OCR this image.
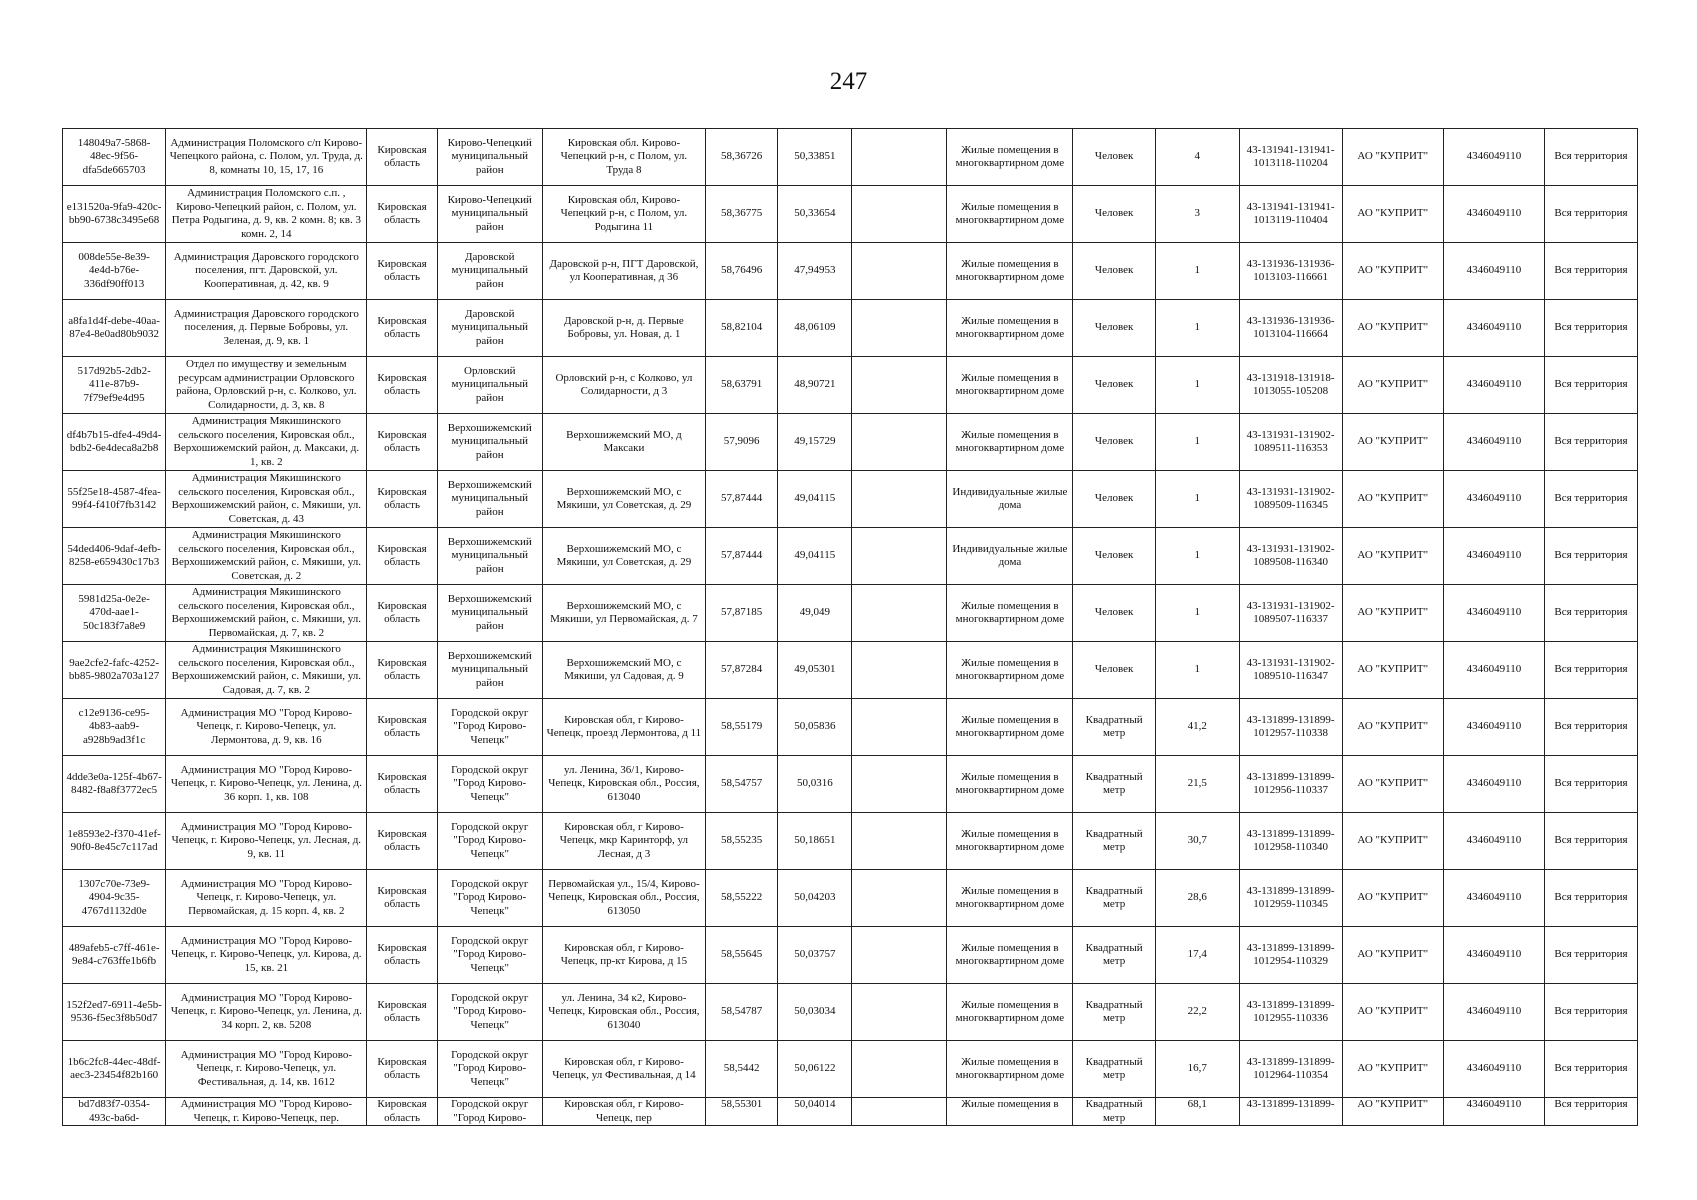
247
148049a7-5868-48ec-9f56-dfa5de665703	Администрация Поломского с/п Кирово-Чепецкого района, с. Полом, ул. Труда, д. 8, комнаты 10, 15, 17, 16	Кировская область	Кирово-Чепецкий муниципальный район	Кировская обл. Кирово-Чепецкий р-н, с Полом, ул. Труда 8	58,36726	50,33851		Жилые помещения в многоквартирном доме	Человек	4	43-131941-131941-1013118-110204	АО "КУПРИТ"	4346049110	Вся территория
e131520a-9fa9-420c-bb90-6738c3495e68	Администрация Поломского с.п. , Кирово-Чепецкий район, с. Полом, ул. Петра Родыгина, д. 9, кв. 2 комн. 8; кв. 3 комн. 2, 14	Кировская область	Кирово-Чепецкий муниципальный район	Кировская обл, Кирово-Чепецкий р-н, с Полом, ул. Родыгина 11	58,36775	50,33654		Жилые помещения в многоквартирном доме	Человек	3	43-131941-131941-1013119-110404	АО "КУПРИТ"	4346049110	Вся территория
008de55e-8e39-4e4d-b76e-336df90ff013	Администрация Даровского городского поселения, пгт. Даровской, ул. Кооперативная, д. 42, кв. 9	Кировская область	Даровской муниципальный район	Даровской р-н, ПГТ Даровской, ул Кооперативная, д 36	58,76496	47,94953		Жилые помещения в многоквартирном доме	Человек	1	43-131936-131936-1013103-116661	АО "КУПРИТ"	4346049110	Вся территория
a8fa1d4f-debe-40aa-87e4-8e0ad80b9032	Администрация Даровского городского поселения, д. Первые Бобровы, ул. Зеленая, д. 9, кв. 1	Кировская область	Даровской муниципальный район	Даровской р-н, д. Первые Бобровы, ул. Новая, д. 1	58,82104	48,06109		Жилые помещения в многоквартирном доме	Человек	1	43-131936-131936-1013104-116664	АО "КУПРИТ"	4346049110	Вся территория
517d92b5-2db2-411e-87b9-7f79ef9e4d95	Отдел по имуществу и земельным ресурсам администрации Орловского района, Орловский р-н, с. Колково, ул. Солидарности, д. 3, кв. 8	Кировская область	Орловский муниципальный район	Орловский р-н, с Колково, ул Солидарности, д 3	58,63791	48,90721		Жилые помещения в многоквартирном доме	Человек	1	43-131918-131918-1013055-105208	АО "КУПРИТ"	4346049110	Вся территория
df4b7b15-dfe4-49d4-bdb2-6e4deca8a2b8	Администрация Мякишинского сельского поселения, Кировская обл., Верхошижемский район, д. Максаки, д. 1, кв. 2	Кировская область	Верхошижемский муниципальный район	Верхошижемский МО, д Максаки	57,9096	49,15729		Жилые помещения в многоквартирном доме	Человек	1	43-131931-131902-1089511-116353	АО "КУПРИТ"	4346049110	Вся территория
55f25e18-4587-4fea-99f4-f410f7fb3142	Администрация Мякишинского сельского поселения, Кировская обл., Верхошижемский район, с. Мякиши, ул. Советская, д. 43	Кировская область	Верхошижемский муниципальный район	Верхошижемский МО, с Мякиши, ул Советская, д. 29	57,87444	49,04115		Индивидуальные жилые дома	Человек	1	43-131931-131902-1089509-116345	АО "КУПРИТ"	4346049110	Вся территория
54ded406-9daf-4efb-8258-e659430c17b3	Администрация Мякишинского сельского поселения, Кировская обл., Верхошижемский район, с. Мякиши, ул. Советская, д. 2	Кировская область	Верхошижемский муниципальный район	Верхошижемский МО, с Мякиши, ул Советская, д. 29	57,87444	49,04115		Индивидуальные жилые дома	Человек	1	43-131931-131902-1089508-116340	АО "КУПРИТ"	4346049110	Вся территория
5981d25a-0e2e-470d-aae1-50c183f7a8e9	Администрация Мякишинского сельского поселения, Кировская обл., Верхошижемский район, с. Мякиши, ул. Первомайская, д. 7, кв. 2	Кировская область	Верхошижемский муниципальный район	Верхошижемский МО, с Мякиши, ул Первомайская, д. 7	57,87185	49,049		Жилые помещения в многоквартирном доме	Человек	1	43-131931-131902-1089507-116337	АО "КУПРИТ"	4346049110	Вся территория
9ae2cfe2-fafc-4252-bb85-9802a703a127	Администрация Мякишинского сельского поселения, Кировская обл., Верхошижемский район, с. Мякиши, ул. Садовая, д. 7, кв. 2	Кировская область	Верхошижемский муниципальный район	Верхошижемский МО, с Мякиши, ул Садовая, д. 9	57,87284	49,05301		Жилые помещения в многоквартирном доме	Человек	1	43-131931-131902-1089510-116347	АО "КУПРИТ"	4346049110	Вся территория
c12e9136-ce95-4b83-aab9-a928b9ad3f1c	Администрация МО "Город Кирово-Чепецк, г. Кирово-Чепецк, ул. Лермонтова, д. 9, кв. 16	Кировская область	Городской округ "Город Кирово-Чепецк"	Кировская обл, г Кирово-Чепецк, проезд Лермонтова, д 11	58,55179	50,05836		Жилые помещения в многоквартирном доме	Квадратный метр	41,2	43-131899-131899-1012957-110338	АО "КУПРИТ"	4346049110	Вся территория
4dde3e0a-125f-4b67-8482-f8a8f3772ec5	Администрация МО "Город Кирово-Чепецк, г. Кирово-Чепецк, ул. Ленина, д. 36 корп. 1, кв. 108	Кировская область	Городской округ "Город Кирово-Чепецк"	ул. Ленина, 36/1, Кирово-Чепецк, Кировская обл., Россия, 613040	58,54757	50,0316		Жилые помещения в многоквартирном доме	Квадратный метр	21,5	43-131899-131899-1012956-110337	АО "КУПРИТ"	4346049110	Вся территория
1e8593e2-f370-41ef-90f0-8e45c7c117ad	Администрация МО "Город Кирово-Чепецк, г. Кирово-Чепецк, ул. Лесная, д. 9, кв. 11	Кировская область	Городской округ "Город Кирово-Чепецк"	Кировская обл, г Кирово-Чепецк, мкр Каринторф, ул Лесная, д 3	58,55235	50,18651		Жилые помещения в многоквартирном доме	Квадратный метр	30,7	43-131899-131899-1012958-110340	АО "КУПРИТ"	4346049110	Вся территория
1307c70e-73e9-4904-9c35-4767d1132d0e	Администрация МО "Город Кирово-Чепецк, г. Кирово-Чепецк, ул. Первомайская, д. 15 корп. 4, кв. 2	Кировская область	Городской округ "Город Кирово-Чепецк"	Первомайская ул., 15/4, Кирово-Чепецк, Кировская обл., Россия, 613050	58,55222	50,04203		Жилые помещения в многоквартирном доме	Квадратный метр	28,6	43-131899-131899-1012959-110345	АО "КУПРИТ"	4346049110	Вся территория
489afeb5-c7ff-461e-9e84-c763ffe1b6fb	Администрация МО "Город Кирово-Чепецк, г. Кирово-Чепецк, ул. Кирова, д. 15, кв. 21	Кировская область	Городской округ "Город Кирово-Чепецк"	Кировская обл, г Кирово-Чепецк, пр-кт Кирова, д 15	58,55645	50,03757		Жилые помещения в многоквартирном доме	Квадратный метр	17,4	43-131899-131899-1012954-110329	АО "КУПРИТ"	4346049110	Вся территория
152f2ed7-6911-4e5b-9536-f5ec3f8b50d7	Администрация МО "Город Кирово-Чепецк, г. Кирово-Чепецк, ул. Ленина, д. 34 корп. 2, кв. 5208	Кировская область	Городской округ "Город Кирово-Чепецк"	ул. Ленина, 34 к2, Кирово-Чепецк, Кировская обл., Россия, 613040	58,54787	50,03034		Жилые помещения в многоквартирном доме	Квадратный метр	22,2	43-131899-131899-1012955-110336	АО "КУПРИТ"	4346049110	Вся территория
1b6c2fc8-44ec-48df-aec3-23454f82b160	Администрация МО "Город Кирово-Чепецк, г. Кирово-Чепецк, ул. Фестивальная, д. 14, кв. 1612	Кировская область	Городской округ "Город Кирово-Чепецк"	Кировская обл, г Кирово-Чепецк, ул Фестивальная, д 14	58,5442	50,06122		Жилые помещения в многоквартирном доме	Квадратный метр	16,7	43-131899-131899-1012964-110354	АО "КУПРИТ"	4346049110	Вся территория
bd7d83f7-0354-493c-ba6d-	Администрация МО "Город Кирово-Чепецк, г. Кирово-Чепецк, пер.	Кировская область	Городской округ "Город Кирово-	Кировская обл, г Кирово-Чепецк, пер	58,55301	50,04014		Жилые помещения в	Квадратный метр	68,1	43-131899-131899-	АО "КУПРИТ"	4346049110	Вся территория
